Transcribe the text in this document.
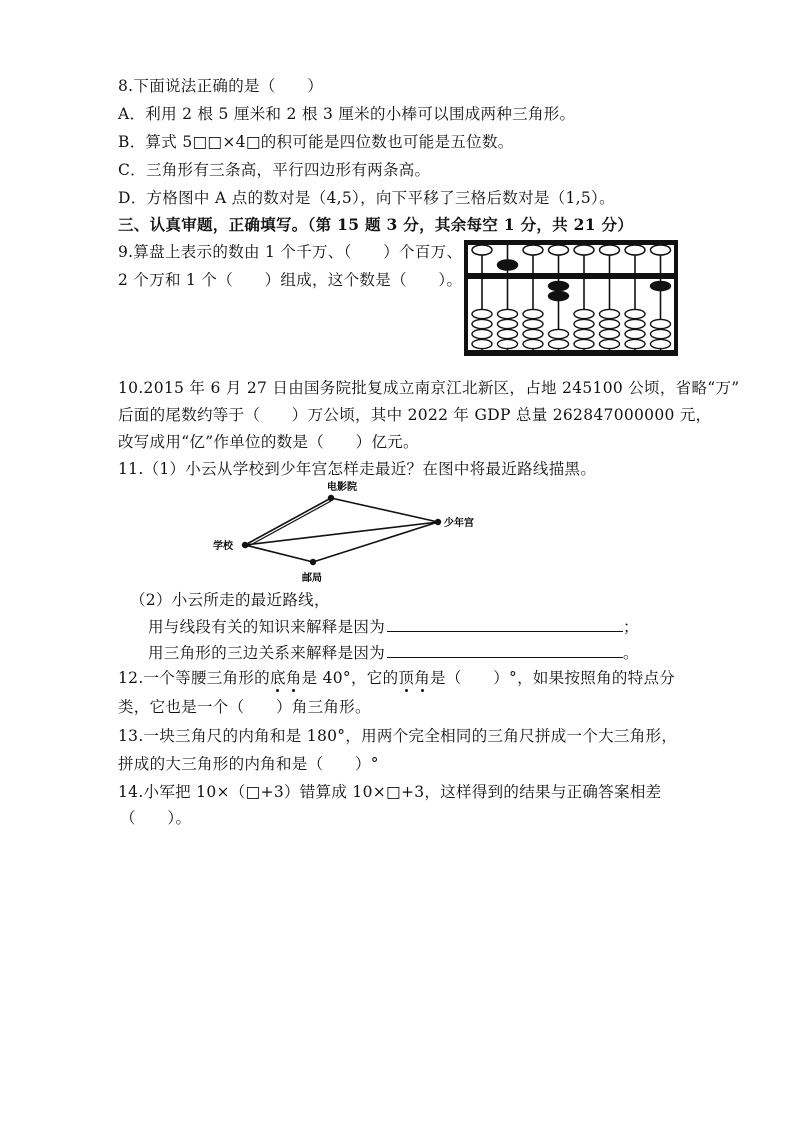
8.下面说法正确的是（　　）
A．利用 2 根 5 厘米和 2 根 3 厘米的小棒可以围成两种三角形。
B．算式 5□□×4□的积可能是四位数也可能是五位数。
C．三角形有三条高，平行四边形有两条高。
D．方格图中 A 点的数对是（4,5），向下平移了三格后数对是（1,5）。
三、认真审题，正确填写。（第 15 题 3 分，其余每空 1 分，共 21 分）
9.算盘上表示的数由 1 个千万、（　　）个百万、
2 个万和 1 个（　　）组成，这个数是（　　）。
10.2015 年 6 月 27 日由国务院批复成立南京江北新区，占地 245100 公顷，省略“万”
后面的尾数约等于（　　）万公顷，其中 2022 年 GDP 总量 262847000000 元，
改写成用“亿”作单位的数是（　　）亿元。
11.（1）小云从学校到少年宫怎样走最近？在图中将最近路线描黑。
电影院
少年宫
学校
邮局
（2）小云所走的最近路线，
用与线段有关的知识来解释是因为	；
用三角形的三边关系来解释是因为	。
12.一个等腰三角形的底角是 40°，它的顶角是（　　）°，如果按照角的特点分
类，它也是一个（　　）角三角形。
13.一块三角尺的内角和是 180°，用两个完全相同的三角尺拼成一个大三角形，
拼成的大三角形的内角和是（　　）°
14.小军把 10×（□+3）错算成 10×□+3，这样得到的结果与正确答案相差
（　　）。
